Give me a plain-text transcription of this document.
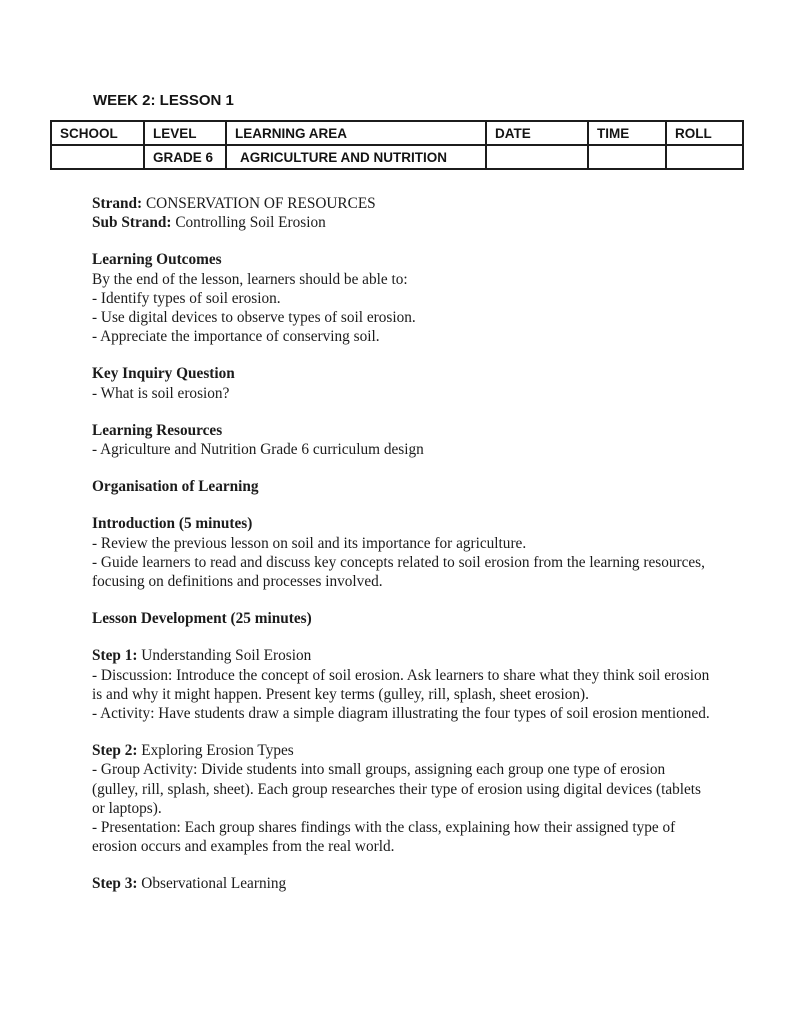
WEEK 2: LESSON 1
SCHOOL	LEVEL	LEARNING AREA	DATE	TIME	ROLL
	GRADE 6	AGRICULTURE AND NUTRITION			

Strand: CONSERVATION OF RESOURCES

Sub Strand: Controlling Soil Erosion

Learning Outcomes

By the end of the lesson, learners should be able to:

- Identify types of soil erosion.

- Use digital devices to observe types of soil erosion.

- Appreciate the importance of conserving soil.

Key Inquiry Question

- What is soil erosion?

Learning Resources

- Agriculture and Nutrition Grade 6 curriculum design

Organisation of Learning

Introduction (5 minutes)

- Review the previous lesson on soil and its importance for agriculture.

- Guide learners to read and discuss key concepts related to soil erosion from the learning resources, focusing on definitions and processes involved.

Lesson Development (25 minutes)

Step 1: Understanding Soil Erosion

- Discussion: Introduce the concept of soil erosion. Ask learners to share what they think soil erosion is and why it might happen. Present key terms (gulley, rill, splash, sheet erosion).

- Activity: Have students draw a simple diagram illustrating the four types of soil erosion mentioned.

Step 2: Exploring Erosion Types

- Group Activity: Divide students into small groups, assigning each group one type of erosion (gulley, rill, splash, sheet). Each group researches their type of erosion using digital devices (tablets or laptops).

- Presentation: Each group shares findings with the class, explaining how their assigned type of erosion occurs and examples from the real world.

Step 3: Observational Learning
